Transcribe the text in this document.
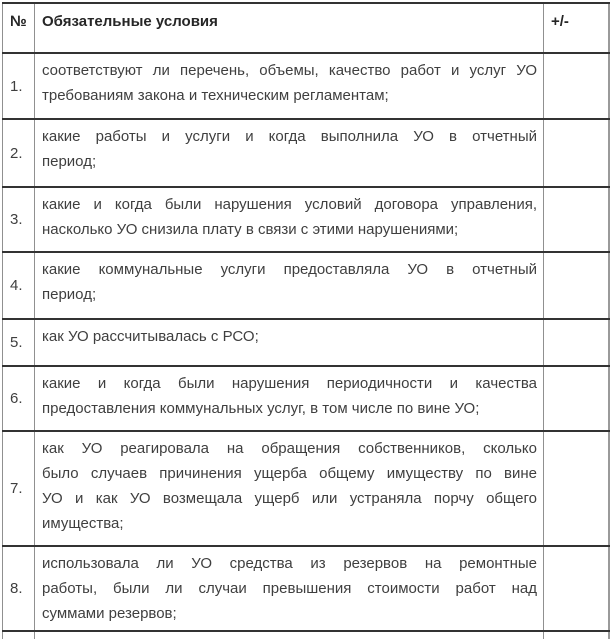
№	Обязательные условия	+/-
1.	соответствуют ли перечень, объемы, качество работ и услуг УО
требованиям закона и техническим регламентам;	

2.	какие работы и услуги и когда выполнила УО в отчетный
период;	

3.	какие и когда были нарушения условий договора управления,
насколько УО снизила плату в связи с этими нарушениями;	

4.	какие коммунальные услуги предоставляла УО в отчетный
период;	

5.	как УО рассчитывалась с РСО;	

6.	какие и когда были нарушения периодичности и качества
предоставления коммунальных услуг, в том числе по вине УО;	

7.	как УО реагировала на обращения собственников, сколько
было случаев причинения ущерба общему имуществу по вине
УО и как УО возмещала ущерб или устраняла порчу общего
имущества;	

8.	использовала ли УО средства из резервов на ремонтные
работы, были ли случаи превышения стоимости работ над
суммами резервов;	
